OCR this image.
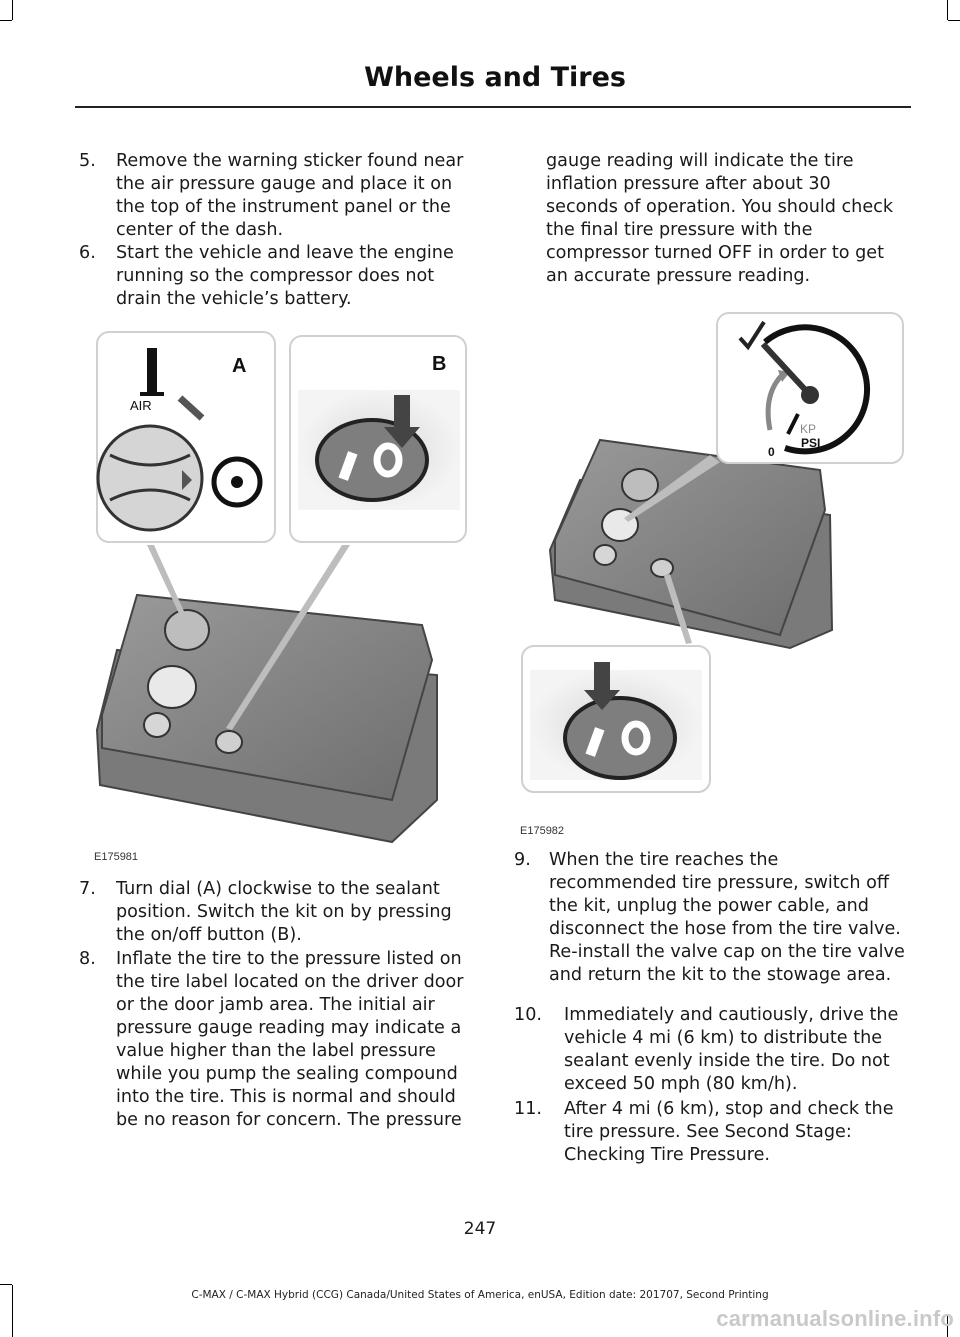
Wheels and Tires
5.	Remove the warning sticker found near the air pressure gauge and place it on the top of the instrument panel or the center of the dash.
6.	Start the vehicle and leave the engine running so the compressor does not drain the vehicle’s battery.
gauge reading will indicate the tire inflation pressure after about 30 seconds of operation. You should check the final tire pressure with the compressor turned OFF in order to get an accurate pressure reading.
A
AIR
B
E175981
KP
PSI
0
E175982
7.	Turn dial (A) clockwise to the sealant position. Switch the kit on by pressing the on/off button (B).
8.	Inflate the tire to the pressure listed on the tire label located on the driver door or the door jamb area. The initial air pressure gauge reading may indicate a value higher than the label pressure while you pump the sealing compound into the tire. This is normal and should be no reason for concern. The pressure
9.	When the tire reaches the recommended tire pressure, switch off the kit, unplug the power cable, and disconnect the hose from the tire valve. Re-install the valve cap on the tire valve and return the kit to the stowage area.
10.	Immediately and cautiously, drive the vehicle 4 mi (6 km) to distribute the sealant evenly inside the tire. Do not exceed 50 mph (80 km/h).
11.	After 4 mi (6 km), stop and check the tire pressure. See Second Stage: Checking Tire Pressure.
247
C-MAX / C-MAX Hybrid (CCG) Canada/United States of America, enUSA, Edition date: 201707, Second Printing
carmanualsonline.info
